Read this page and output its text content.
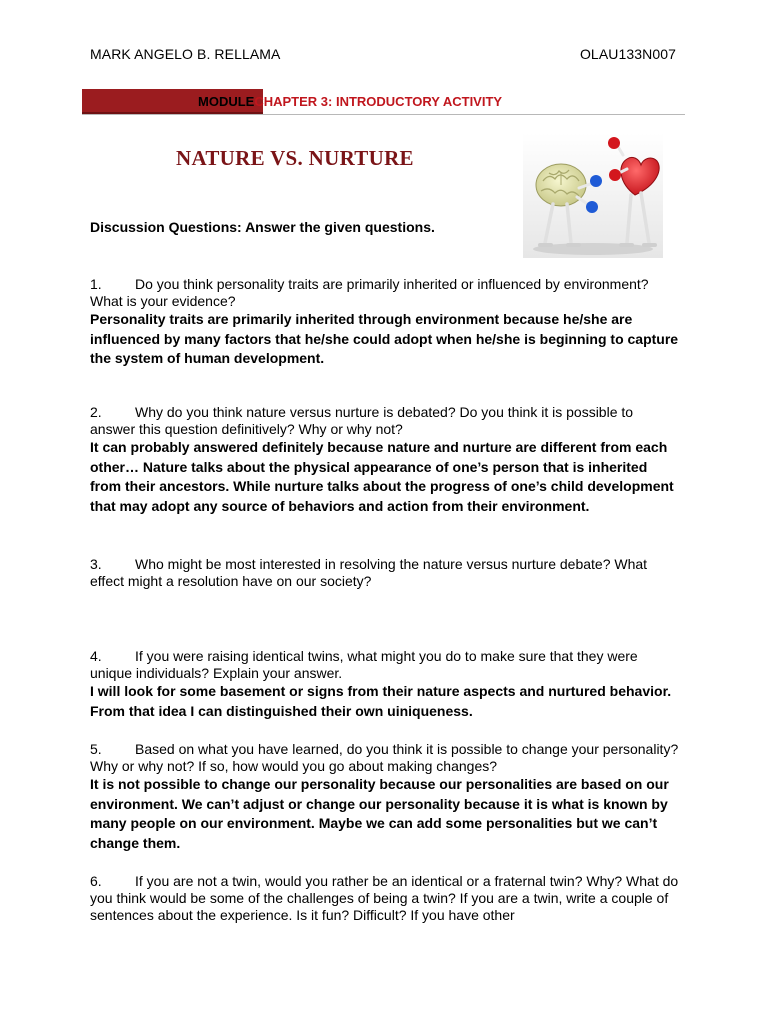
MARK ANGELO B. RELLAMA	OLAU133N007
MODULECHAPTER 3: INTRODUCTORY ACTIVITY
NATURE VS. NURTURE
Discussion Questions: Answer the given questions.

1. Do you think personality traits are primarily inherited or influenced by environment? What is your evidence?

Personality traits are primarily inherited through environment because he/she are influenced by many factors that he/she could adopt when he/she is beginning to capture the system of human development.

2. Why do you think nature versus nurture is debated? Do you think it is possible to answer this question definitively? Why or why not?

It can probably answered definitely because nature and nurture are different from each other… Nature talks about the physical appearance of one’s person that is inherited from their ancestors. While nurture talks about the progress of one’s child development that may adopt any source of behaviors and action from their environment.

3. Who might be most interested in resolving the nature versus nurture debate? What effect might a resolution have on our society?

4. If you were raising identical twins, what might you do to make sure that they were unique individuals? Explain your answer.

I will look for some basement or signs from their nature aspects and nurtured behavior. From that idea I can distinguished their own uiniqueness.

5. Based on what you have learned, do you think it is possible to change your personality? Why or why not? If so, how would you go about making changes?

It is not possible to change our personality because our personalities are based on our environment. We can’t adjust or change our personality because it is what is known by many people on our environment. Maybe we can add some personalities but we can’t change them.

6. If you are not a twin, would you rather be an identical or a fraternal twin? Why? What do you think would be some of the challenges of being a twin? If you are a twin, write a couple of sentences about the experience. Is it fun? Difficult? If you have other
